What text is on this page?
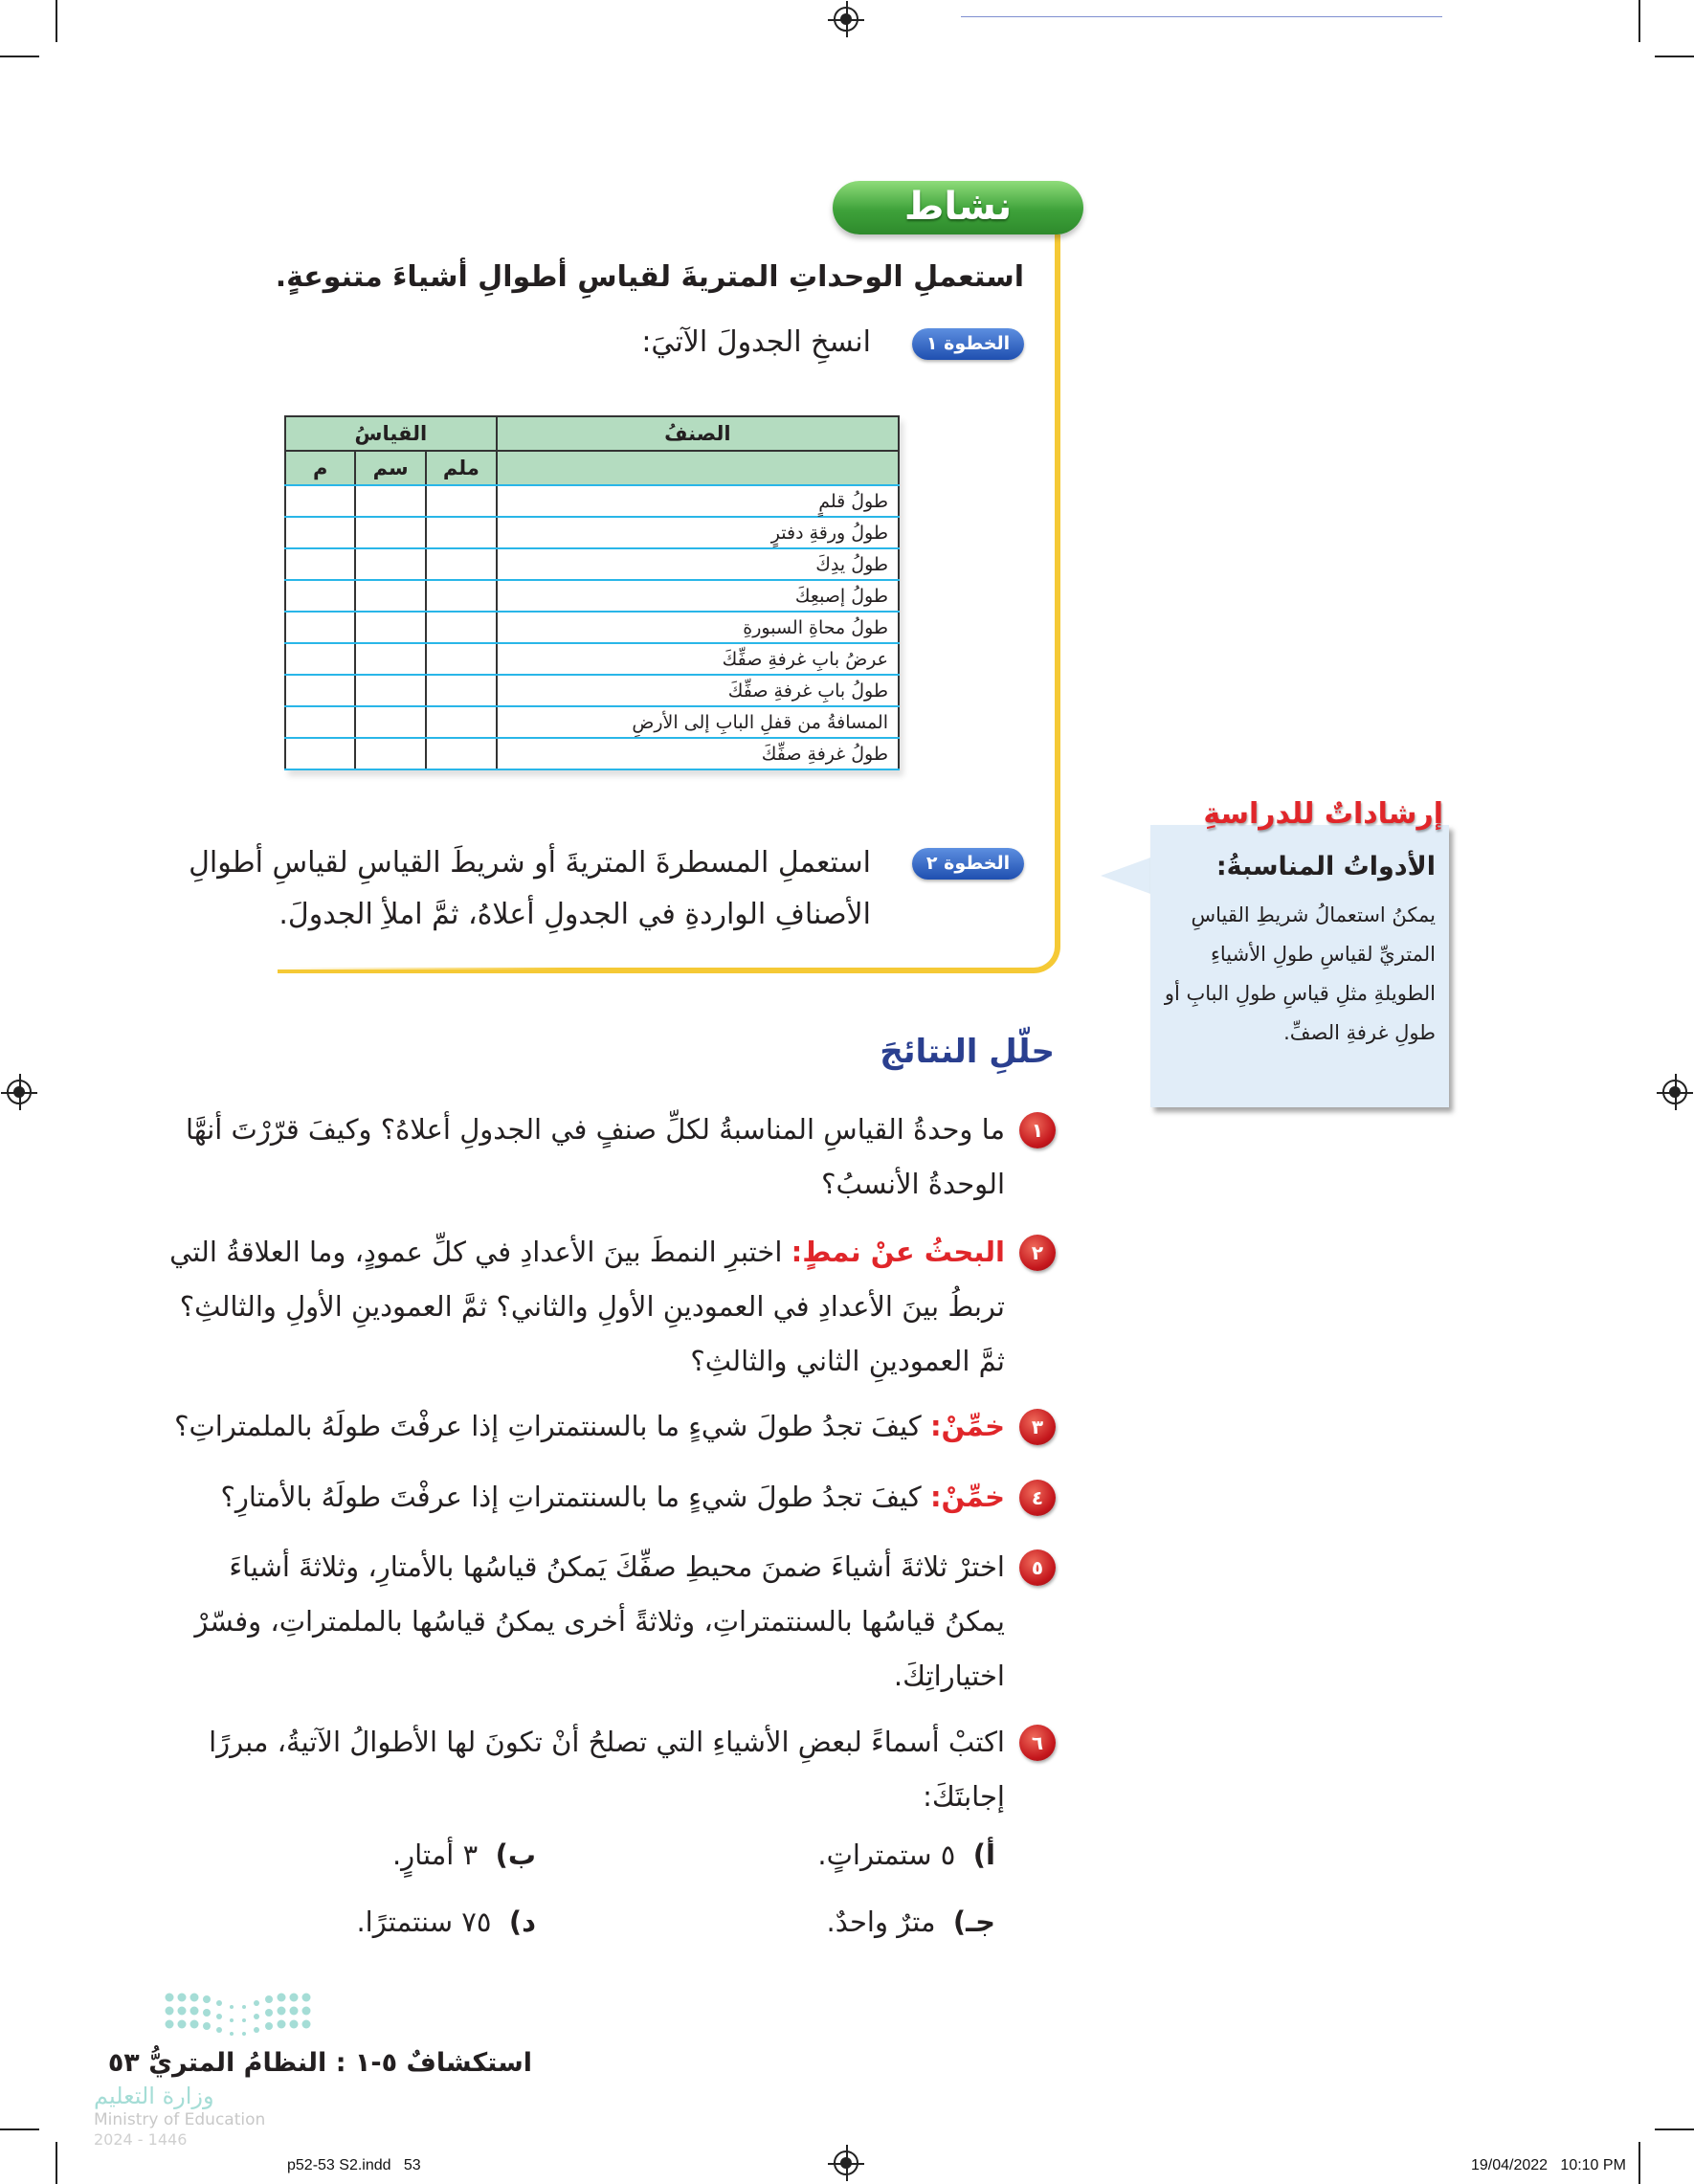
نشاط
استعملِ الوحداتِ المتريةَ لقياسِ أطوالِ أشياءَ متنوعةٍ.
الخطوة ١
انسخِ الجدولَ الآتيَ:
الصنفُ	القياسُ		
	ملم	سم	م
طولُ قلمٍ			
طولُ ورقةِ دفترٍ			
طولُ يدِكَ			
طولُ إصبعِكَ			
طولُ محاةِ السبورةِ			
عرضُ بابِ غرفةِ صفِّكَ			
طولُ بابِ غرفةِ صفِّكَ			
المسافةُ من قفلِ البابِ إلى الأرضِ			
طولُ غرفةِ صفِّكَ			
الخطوة ٢
استعملِ المسطرةَ المتريةَ أو شريطَ القياسِ لقياسِ أطوالِ
الأصنافِ الواردةِ في الجدولِ أعلاهُ، ثمَّ املأِ الجدولَ.
إرشاداتٌ للدراسةِ
الأدواتُ المناسبةُ:
يمكنُ استعمالُ شريطِ القياسِ المتريِّ لقياسِ طولِ الأشياءِ الطويلةِ مثلِ قياسِ طولِ البابِ أو طولِ غرفةِ الصفِّ.
حلّلِ النتائجَ
١
ما وحدةُ القياسِ المناسبةُ لكلِّ صنفٍ في الجدولِ أعلاهُ؟ وكيفَ قرّرْتَ أنهَّا
الوحدةُ الأنسبُ؟
٢
البحثُ عنْ نمطٍ: اختبرِ النمطَ بينَ الأعدادِ في كلِّ عمودٍ، وما العلاقةُ التي
تربطُ بينَ الأعدادِ في العمودينِ الأولِ والثاني؟ ثمَّ العمودينِ الأولِ والثالثِ؟
ثمَّ العمودينِ الثاني والثالثِ؟
٣
خمِّنْ: كيفَ تجدُ طولَ شيءٍ ما بالسنتمتراتِ إذا عرفْتَ طولَهُ بالملمتراتِ؟
٤
خمِّنْ: كيفَ تجدُ طولَ شيءٍ ما بالسنتمتراتِ إذا عرفْتَ طولَهُ بالأمتارِ؟
٥
اخترْ ثلاثةَ أشياءَ ضمنَ محيطِ صفِّكَ يَمكنُ قياسُها بالأمتارِ، وثلاثةَ أشياءَ
يمكنُ قياسُها بالسنتمتراتِ، وثلاثةً أخرى يمكنُ قياسُها بالملمتراتِ، وفسّرْ
اختياراتِكَ.
٦
اكتبْ أسماءً لبعضِ الأشياءِ التي تصلحُ أنْ تكونَ لها الأطوالُ الآتيةُ، مبررًا
إجابتَكَ:
أ)  ٥ ستمتراتٍ.
ب)  ٣ أمتارٍ.
جـ)  مترٌ واحدٌ.
د)  ٧٥ سنتمترًا.
استكشافٌ ٥-١ : النظامُ المتريُّ ٥٣
وزارة التعليم
Ministry of Education
2024 - 1446
p52-53 S2.indd   53	19/04/2022   10:10 PM
